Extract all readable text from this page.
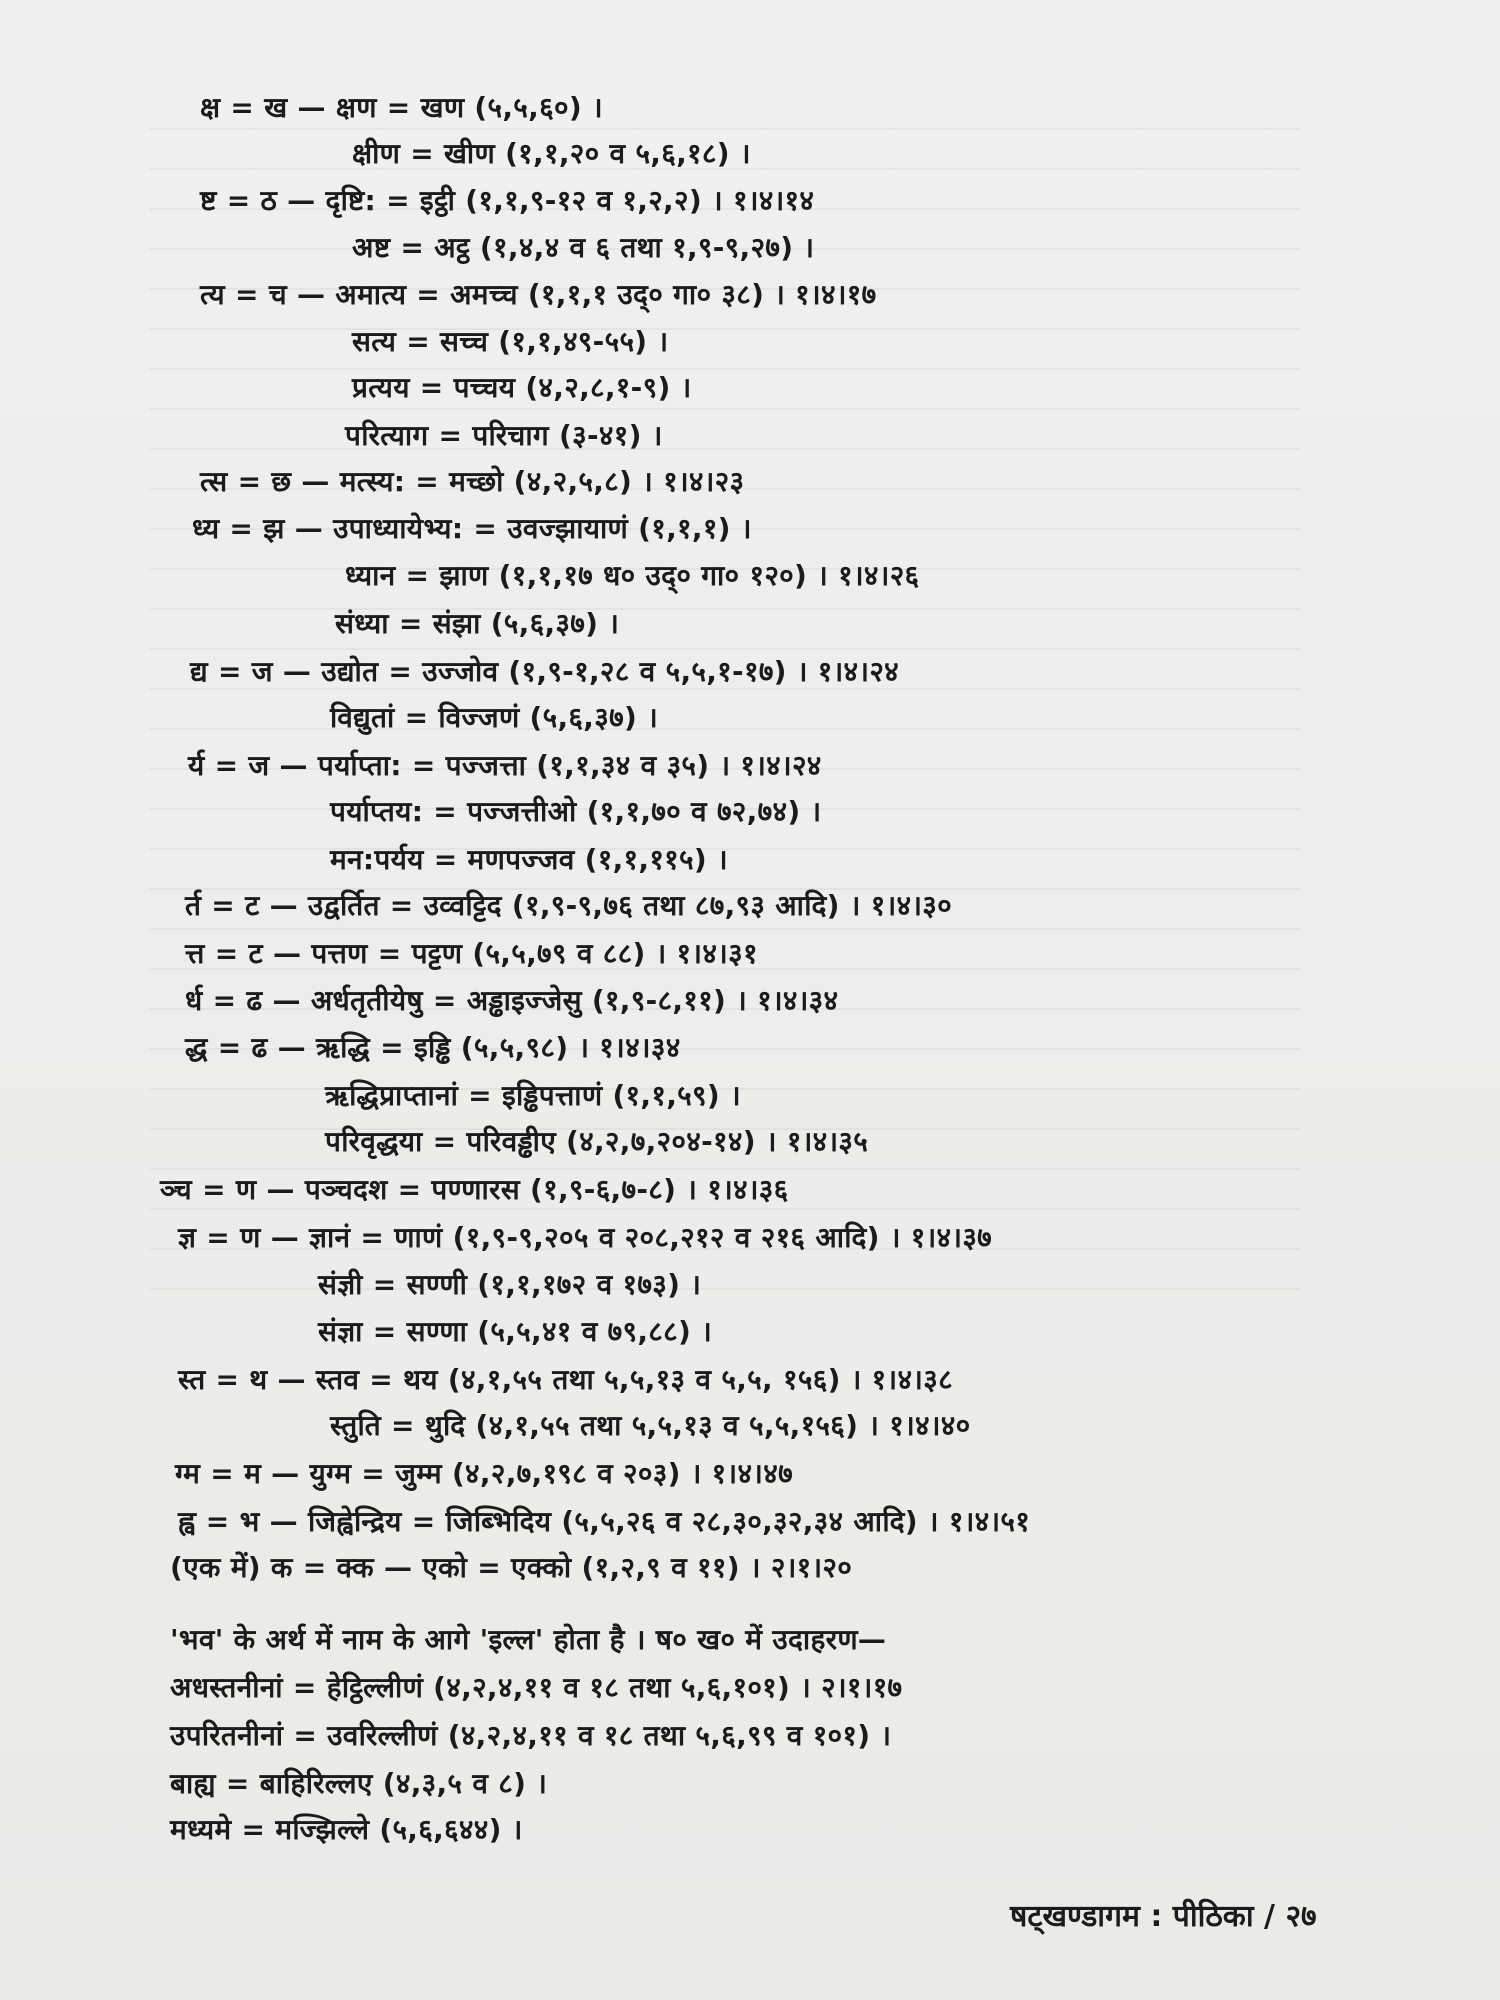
क्ष = ख — क्षण = खण (५,५,६०) ।
क्षीण = खीण (१,१,२० व ५,६,१८) ।
ष्ट = ठ — दृष्टि: = इट्ठी (१,१,९-१२ व १,२,२) । १।४।१४
अष्ट = अट्ठ (१,४,४ व ६ तथा १,९-९,२७) ।
त्य = च — अमात्य = अमच्च (१,१,१ उद्० गा० ३८) । १।४।१७
सत्य = सच्च (१,१,४९-५५) ।
प्रत्यय = पच्चय (४,२,८,१-९) ।
परित्याग = परिचाग (३-४१) ।
त्स = छ — मत्स्य: = मच्छो (४,२,५,८) । १।४।२३
ध्य = झ — उपाध्यायेभ्य: = उवज्झायाणं (१,१,१) ।
ध्यान = झाण (१,१,१७ ध० उद्० गा० १२०) । १।४।२६
संध्या = संझा (५,६,३७) ।
द्य = ज — उद्योत = उज्जोव (१,९-१,२८ व ५,५,१-१७) । १।४।२४
विद्युतां = विज्जणं (५,६,३७) ।
र्य = ज — पर्याप्ता: = पज्जत्ता (१,१,३४ व ३५) । १।४।२४
पर्याप्तय: = पज्जत्तीओ (१,१,७० व ७२,७४) ।
मन:पर्यय = मणपज्जव (१,१,११५) ।
र्त = ट — उद्वर्तित = उव्वट्टिद (१,९-९,७६ तथा ८७,९३ आदि) । १।४।३०
त्त = ट — पत्तण = पट्टण (५,५,७९ व ८८) । १।४।३१
र्ध = ढ — अर्धतृतीयेषु = अड्ढाइज्जेसु (१,९-८,११) । १।४।३४
द्ध = ढ — ऋद्धि = इड्ढि (५,५,९८) । १।४।३४
ऋद्धिप्राप्तानां = इड्ढिपत्ताणं (१,१,५९) ।
परिवृद्धया = परिवड्ढीए (४,२,७,२०४-१४) । १।४।३५
ञ्च = ण — पञ्चदश = पण्णारस (१,९-६,७-८) । १।४।३६
ज्ञ = ण — ज्ञानं = णाणं (१,९-९,२०५ व २०८,२१२ व २१६ आदि) । १।४।३७
संज्ञी = सण्णी (१,१,१७२ व १७३) ।
संज्ञा = सण्णा (५,५,४१ व ७९,८८) ।
स्त = थ — स्तव = थय (४,१,५५ तथा ५,५,१३ व ५,५, १५६) । १।४।३८
स्तुति = थुदि (४,१,५५ तथा ५,५,१३ व ५,५,१५६) । १।४।४०
ग्म = म — युग्म = जुम्म (४,२,७,१९८ व २०३) । १।४।४७
ह्व = भ — जिह्वेन्द्रिय = जिब्भिदिय (५,५,२६ व २८,३०,३२,३४ आदि) । १।४।५१
(एक में) क = क्क — एको = एक्को (१,२,९ व ११) । २।१।२०
'भव' के अर्थ में नाम के आगे 'इल्ल' होता है । ष० ख० में उदाहरण—
अधस्तनीनां = हेट्ठिल्लीणं (४,२,४,११ व १८ तथा ५,६,१०१) । २।१।१७
उपरितनीनां = उवरिल्लीणं (४,२,४,११ व १८ तथा ५,६,९९ व १०१) ।
बाह्य = बाहिरिल्लए (४,३,५ व ८) ।
मध्यमे = मज्झिल्ले (५,६,६४४) ।
षट्खण्डागम : पीठिका / २७
